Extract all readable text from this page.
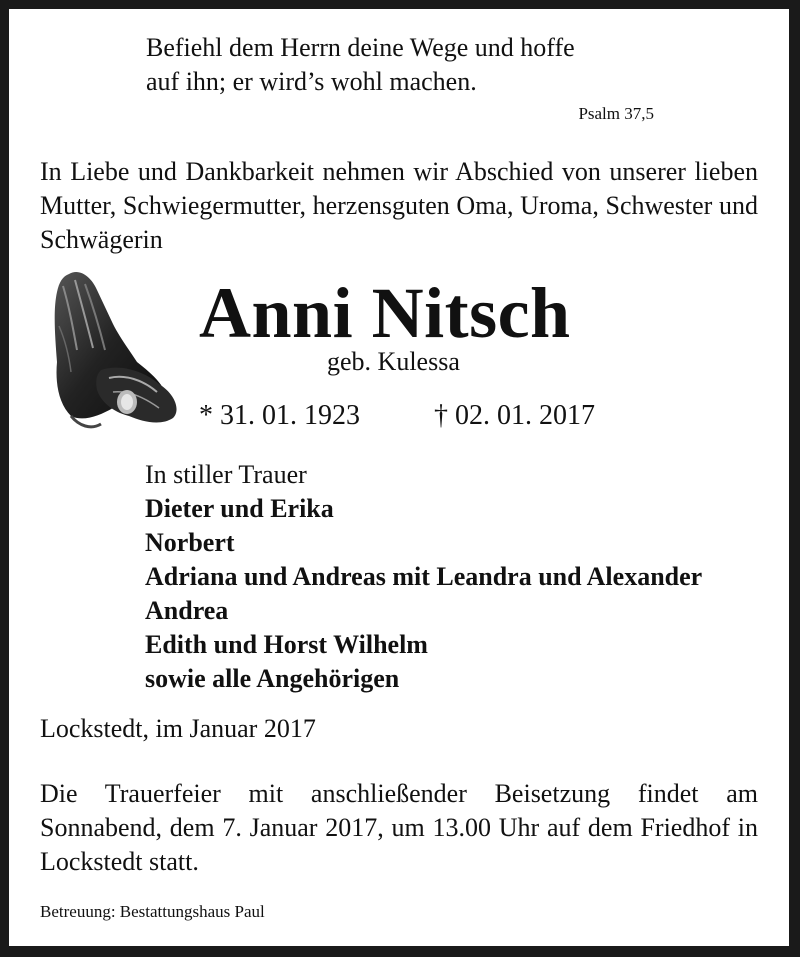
Befiehl dem Herrn deine Wege und hoffe
auf ihn; er wird’s wohl machen.
Psalm 37,5
In Liebe und Dankbarkeit nehmen wir Abschied von unserer lieben Mutter, Schwiegermutter, herzensguten Oma, Uroma, Schwester und Schwägerin
Anni Nitsch
geb. Kulessa
* 31. 01. 1923	† 02. 01. 2017
In stiller Trauer
Dieter und Erika
Norbert
Adriana und Andreas mit Leandra und Alexander
Andrea
Edith und Horst Wilhelm
sowie alle Angehörigen
Lockstedt, im Januar 2017
Die Trauerfeier mit anschließender Beisetzung findet am Sonnabend, dem 7. Januar 2017, um 13.00 Uhr auf dem Friedhof in Lockstedt statt.
Betreuung: Bestattungshaus Paul
